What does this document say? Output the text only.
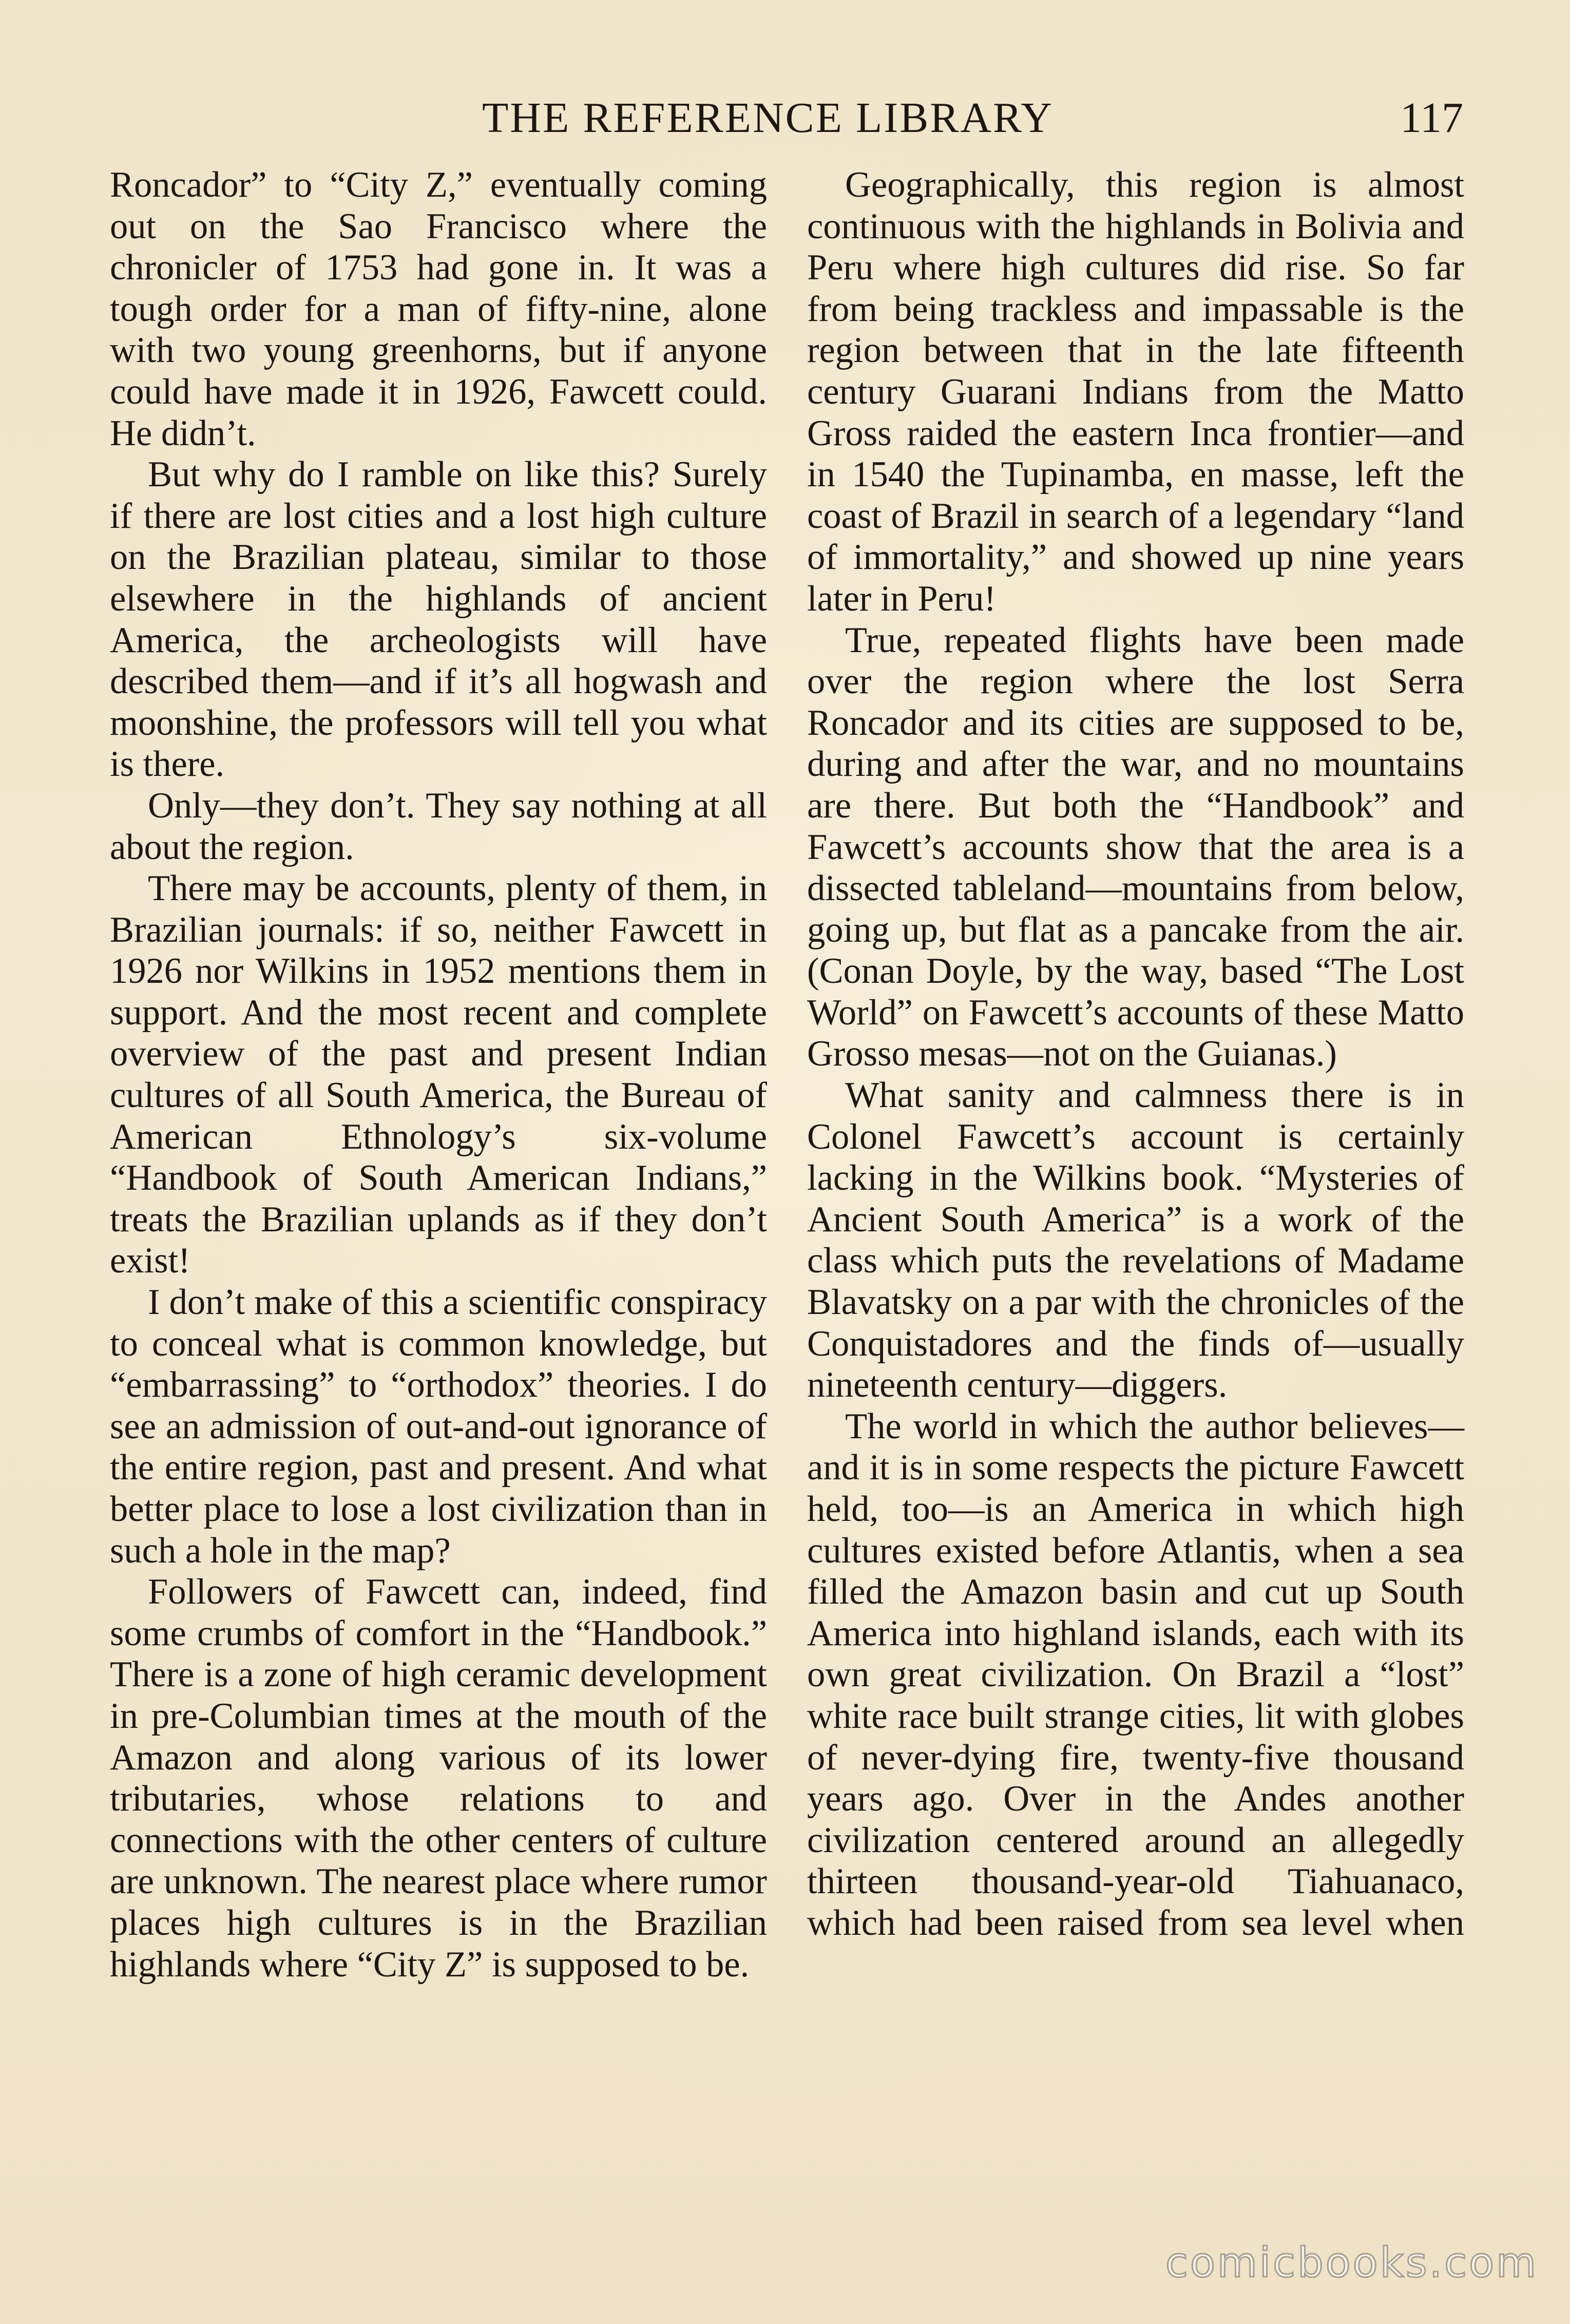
THE REFERENCE LIBRARY	117

Roncador” to “City Z,” eventually coming out on the Sao Francisco where the chronicler of 1753 had gone in. It was a tough order for a man of fifty-nine, alone with two young greenhorns, but if anyone could have made it in 1926, Fawcett could. He didn’t.

But why do I ramble on like this? Surely if there are lost cities and a lost high culture on the Brazilian plateau, similar to those elsewhere in the highlands of ancient America, the archeologists will have described them—and if it’s all hogwash and moonshine, the professors will tell you what is there.

Only—they don’t. They say nothing at all about the region.

There may be accounts, plenty of them, in Brazilian journals: if so, neither Fawcett in 1926 nor Wilkins in 1952 mentions them in support. And the most recent and complete overview of the past and present Indian cultures of all South America, the Bureau of American Ethnology’s six-volume “Handbook of South American Indians,” treats the Brazilian uplands as if they don’t exist!

I don’t make of this a scientific conspiracy to conceal what is common knowledge, but “embarrassing” to “orthodox” theories. I do see an admission of out-and-out ignorance of the entire region, past and present. And what better place to lose a lost civilization than in such a hole in the map?

Followers of Fawcett can, indeed, find some crumbs of comfort in the “Handbook.” There is a zone of high ceramic development in pre-Columbian times at the mouth of the Amazon and along various of its lower tributaries, whose relations to and connections with the other centers of culture are unknown. The nearest place where rumor places high cultures is in the Brazilian highlands where “City Z” is supposed to be.

Geographically, this region is almost continuous with the highlands in Bolivia and Peru where high cultures did rise. So far from being trackless and impassable is the region between that in the late fifteenth century Guarani Indians from the Matto Gross raided the eastern Inca frontier—and in 1540 the Tupinamba, en masse, left the coast of Brazil in search of a legendary “land of immortality,” and showed up nine years later in Peru!

True, repeated flights have been made over the region where the lost Serra Roncador and its cities are supposed to be, during and after the war, and no mountains are there. But both the “Handbook” and Fawcett’s accounts show that the area is a dissected tableland—mountains from below, going up, but flat as a pancake from the air. (Conan Doyle, by the way, based “The Lost World” on Fawcett’s accounts of these Matto Grosso mesas—not on the Guianas.)

What sanity and calmness there is in Colonel Fawcett’s account is certainly lacking in the Wilkins book. “Mysteries of Ancient South America” is a work of the class which puts the revelations of Madame Blavatsky on a par with the chronicles of the Conquistadores and the finds of—usually nineteenth century—diggers.

The world in which the author believes—and it is in some respects the picture Fawcett held, too—is an America in which high cultures existed before Atlantis, when a sea filled the Amazon basin and cut up South America into highland islands, each with its own great civilization. On Brazil a “lost” white race built strange cities, lit with globes of never-dying fire, twenty-five thousand years ago. Over in the Andes another civilization centered around an allegedly thirteen thousand-year-old Tiahuanaco, which had been raised from sea level when

comicbooks.com
